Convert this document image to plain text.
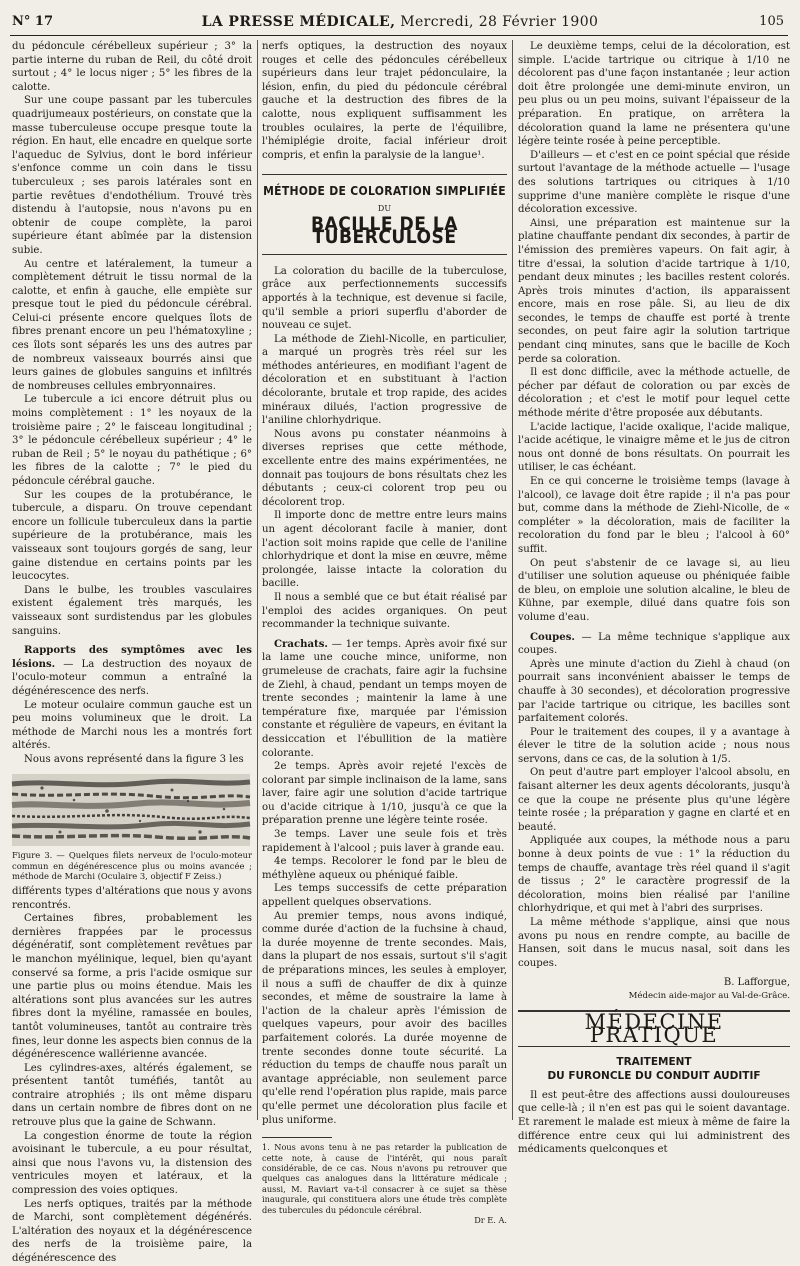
N° 17	LA PRESSE MÉDICALE, Mercredi, 28 Février 1900	105

du pédoncule cérébelleux supérieur ; 3° la partie interne du ruban de Reil, du côté droit surtout ; 4° le locus niger ; 5° les fibres de la calotte.

Sur une coupe passant par les tubercules quadrijumeaux postérieurs, on constate que la masse tuberculeuse occupe presque toute la région. En haut, elle encadre en quelque sorte l'aqueduc de Sylvius, dont le bord inférieur s'enfonce comme un coin dans le tissu tuberculeux ; ses parois latérales sont en partie revêtues d'endothélium. Trouvé très distendu à l'autopsie, nous n'avons pu en obtenir de coupe complète, la paroi supérieure étant abîmée par la distension subie.

Au centre et latéralement, la tumeur a complètement détruit le tissu normal de la calotte, et enfin à gauche, elle empiète sur presque tout le pied du pédoncule cérébral. Celui-ci présente encore quelques îlots de fibres prenant encore un peu l'hématoxyline ; ces îlots sont séparés les uns des autres par de nombreux vaisseaux bourrés ainsi que leurs gaines de globules sanguins et infiltrés de nombreuses cellules embryonnaires.

Le tubercule a ici encore détruit plus ou moins complètement : 1° les noyaux de la troisième paire ; 2° le faisceau longitudinal ; 3° le pédoncule cérébelleux supérieur ; 4° le ruban de Reil ; 5° le noyau du pathétique ; 6° les fibres de la calotte ; 7° le pied du pédoncule cérébral gauche.

Sur les coupes de la protubérance, le tubercule, a disparu. On trouve cependant encore un follicule tuberculeux dans la partie supérieure de la protubérance, mais les vaisseaux sont toujours gorgés de sang, leur gaine distendue en certains points par les leucocytes.

Dans le bulbe, les troubles vasculaires existent également très marqués, les vaisseaux sont surdistendus par les globules sanguins.

Rapports des symptômes avec les lésions. — La destruction des noyaux de l'oculo-moteur commun a entraîné la dégénérescence des nerfs.

Le moteur oculaire commun gauche est un peu moins volumineux que le droit. La méthode de Marchi nous les a montrés fort altérés.

Nous avons représenté dans la figure 3 les

Figure 3. — Quelques filets nerveux de l'oculo-moteur commun en dégénérescence plus ou moins avancée ; méthode de Marchi (Oculaire 3, objectif F Zeiss.)

différents types d'altérations que nous y avons rencontrés.

Certaines fibres, probablement les dernières frappées par le processus dégénératif, sont complètement revêtues par le manchon myélinique, lequel, bien qu'ayant conservé sa forme, a pris l'acide osmique sur une partie plus ou moins étendue. Mais les altérations sont plus avancées sur les autres fibres dont la myéline, ramassée en boules, tantôt volumineuses, tantôt au contraire très fines, leur donne les aspects bien connus de la dégénérescence wallérienne avancée.

Les cylindres-axes, altérés également, se présentent tantôt tuméfiés, tantôt au contraire atrophiés ; ils ont même disparu dans un certain nombre de fibres dont on ne retrouve plus que la gaine de Schwann.

La congestion énorme de toute la région avoisinant le tubercule, a eu pour résultat, ainsi que nous l'avons vu, la distension des ventricules moyen et latéraux, et la compression des voies optiques.

Les nerfs optiques, traités par la méthode de Marchi, sont complètement dégénérés. L'altération des noyaux et la dégénérescence des nerfs de la troisième paire, la dégénérescence des

nerfs optiques, la destruction des noyaux rouges et celle des pédoncules cérébelleux supérieurs dans leur trajet pédonculaire, la lésion, enfin, du pied du pédoncule cérébral gauche et la destruction des fibres de la calotte, nous expliquent suffisamment les troubles oculaires, la perte de l'équilibre, l'hémiplégie droite, facial inférieur droit compris, et enfin la paralysie de la langue¹.

MÉTHODE DE COLORATION SIMPLIFIÉE
DU
BACILLE DE LA TUBERCULOSE

La coloration du bacille de la tuberculose, grâce aux perfectionnements successifs apportés à la technique, est devenue si facile, qu'il semble a priori superflu d'aborder de nouveau ce sujet.

La méthode de Ziehl-Nicolle, en particulier, a marqué un progrès très réel sur les méthodes antérieures, en modifiant l'agent de décoloration et en substituant à l'action décolorante, brutale et trop rapide, des acides minéraux dilués, l'action progressive de l'aniline chlorhydrique.

Nous avons pu constater néanmoins à diverses reprises que cette méthode, excellente entre des mains expérimentées, ne donnait pas toujours de bons résultats chez les débutants ; ceux-ci colorent trop peu ou décolorent trop.

Il importe donc de mettre entre leurs mains un agent décolorant facile à manier, dont l'action soit moins rapide que celle de l'aniline chlorhydrique et dont la mise en œuvre, même prolongée, laisse intacte la coloration du bacille.

Il nous a semblé que ce but était réalisé par l'emploi des acides organiques. On peut recommander la technique suivante.

Crachats. — 1er temps. Après avoir fixé sur la lame une couche mince, uniforme, non grumeleuse de crachats, faire agir la fuchsine de Ziehl, à chaud, pendant un temps moyen de trente secondes ; maintenir la lame à une température fixe, marquée par l'émission constante et régulière de vapeurs, en évitant la dessiccation et l'ébullition de la matière colorante.

2e temps. Après avoir rejeté l'excès de colorant par simple inclinaison de la lame, sans laver, faire agir une solution d'acide tartrique ou d'acide citrique à 1/10, jusqu'à ce que la préparation prenne une légère teinte rosée.

3e temps. Laver une seule fois et très rapidement à l'alcool ; puis laver à grande eau.

4e temps. Recolorer le fond par le bleu de méthylène aqueux ou phéniqué faible.

Les temps successifs de cette préparation appellent quelques observations.

Au premier temps, nous avons indiqué, comme durée d'action de la fuchsine à chaud, la durée moyenne de trente secondes. Mais, dans la plupart de nos essais, surtout s'il s'agit de préparations minces, les seules à employer, il nous a suffi de chauffer de dix à quinze secondes, et même de soustraire la lame à l'action de la chaleur après l'émission de quelques vapeurs, pour avoir des bacilles parfaitement colorés. La durée moyenne de trente secondes donne toute sécurité. La réduction du temps de chauffe nous paraît un avantage appréciable, non seulement parce qu'elle rend l'opération plus rapide, mais parce qu'elle permet une décoloration plus facile et plus uniforme.

1. Nous avons tenu à ne pas retarder la publication de cette note, à cause de l'intérêt, qui nous paraît considérable, de ce cas. Nous n'avons pu retrouver que quelques cas analogues dans la littérature médicale ; aussi, M. Raviart va-t-il consacrer à ce sujet sa thèse inaugurale, qui constituera alors une étude très complète des tubercules du pédoncule cérébral.
Dr E. A.

Le deuxième temps, celui de la décoloration, est simple. L'acide tartrique ou citrique à 1/10 ne décolorent pas d'une façon instantanée ; leur action doit être prolongée une demi-minute environ, un peu plus ou un peu moins, suivant l'épaisseur de la préparation. En pratique, on arrêtera la décoloration quand la lame ne présentera qu'une légère teinte rosée à peine perceptible.

D'ailleurs — et c'est en ce point spécial que réside surtout l'avantage de la méthode actuelle — l'usage des solutions tartriques ou citriques à 1/10 supprime d'une manière complète le risque d'une décoloration excessive.

Ainsi, une préparation est maintenue sur la platine chauffante pendant dix secondes, à partir de l'émission des premières vapeurs. On fait agir, à titre d'essai, la solution d'acide tartrique à 1/10, pendant deux minutes ; les bacilles restent colorés. Après trois minutes d'action, ils apparaissent encore, mais en rose pâle. Si, au lieu de dix secondes, le temps de chauffe est porté à trente secondes, on peut faire agir la solution tartrique pendant cinq minutes, sans que le bacille de Koch perde sa coloration.

Il est donc difficile, avec la méthode actuelle, de pécher par défaut de coloration ou par excès de décoloration ; et c'est le motif pour lequel cette méthode mérite d'être proposée aux débutants.

L'acide lactique, l'acide oxalique, l'acide malique, l'acide acétique, le vinaigre même et le jus de citron nous ont donné de bons résultats. On pourrait les utiliser, le cas échéant.

En ce qui concerne le troisième temps (lavage à l'alcool), ce lavage doit être rapide ; il n'a pas pour but, comme dans la méthode de Ziehl-Nicolle, de « compléter » la décoloration, mais de faciliter la recoloration du fond par le bleu ; l'alcool à 60° suffit.

On peut s'abstenir de ce lavage si, au lieu d'utiliser une solution aqueuse ou phéniquée faible de bleu, on emploie une solution alcaline, le bleu de Kühne, par exemple, dilué dans quatre fois son volume d'eau.

Coupes. — La même technique s'applique aux coupes.

Après une minute d'action du Ziehl à chaud (on pourrait sans inconvénient abaisser le temps de chauffe à 30 secondes), et décoloration progressive par l'acide tartrique ou citrique, les bacilles sont parfaitement colorés.

Pour le traitement des coupes, il y a avantage à élever le titre de la solution acide ; nous nous servons, dans ce cas, de la solution à 1/5.

On peut d'autre part employer l'alcool absolu, en faisant alterner les deux agents décolorants, jusqu'à ce que la coupe ne présente plus qu'une légère teinte rosée ; la préparation y gagne en clarté et en beauté.

Appliquée aux coupes, la méthode nous a paru bonne à deux points de vue : 1° la réduction du temps de chauffe, avantage très réel quand il s'agit de tissus ; 2° le caractère progressif de la décoloration, moins bien réalisé par l'aniline chlorhydrique, et qui met à l'abri des surprises.

La même méthode s'applique, ainsi que nous avons pu nous en rendre compte, au bacille de Hansen, soit dans le mucus nasal, soit dans les coupes.

B. Lafforgue,
Médecin aide-major au Val-de-Grâce.
MÉDECINE PRATIQUE
TRAITEMENT
DU FURONCLE DU CONDUIT AUDITIF

Il est peut-être des affections aussi douloureuses que celle-là ; il n'en est pas qui le soient davantage. Et rarement le malade est mieux à même de faire la différence entre ceux qui lui administrent des médicaments quelconques et
